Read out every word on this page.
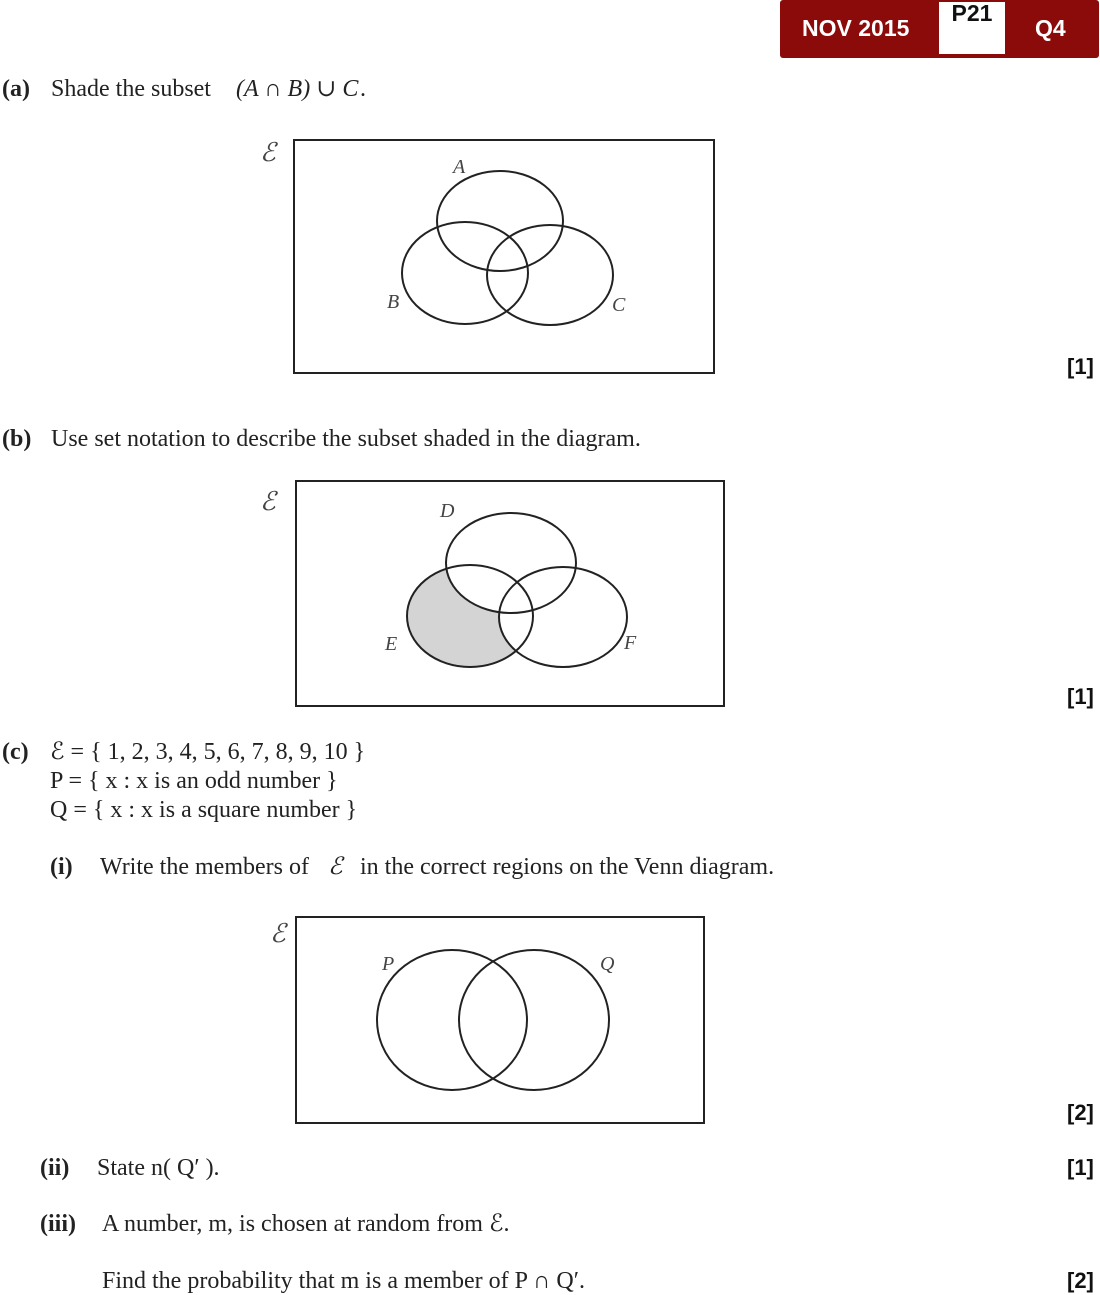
NOV 2015
P21
Q4
(a) Shade the subset (A ∩ B) ∪ C .
ℰ	A
B	C
[1]
(b) Use set notation to describe the subset shaded in the diagram.
ℰ	D
E	F
[1]
(c) ℰ = { 1, 2, 3, 4, 5, 6, 7, 8, 9, 10 }
P = { x : x is an odd number }
Q = { x : x is a square number }
(i) Write the members of ℰ in the correct regions on the Venn diagram.
ℰ
P	Q
[2]
(ii) State n( Q′ ).	[1]
(iii) A number, m, is chosen at random from ℰ.
Find the probability that m is a member of P ∩ Q′.	[2]
